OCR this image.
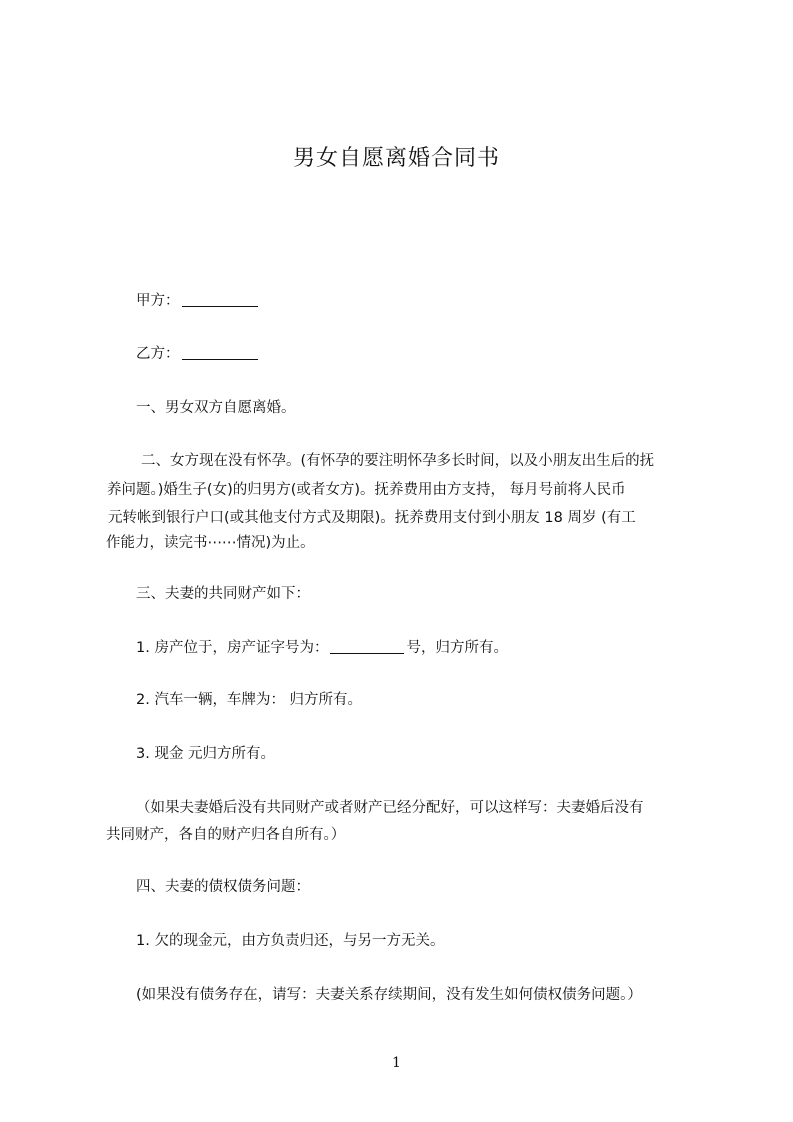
男女自愿离婚合同书
甲方：
乙方：
一、男女双方自愿离婚。
二、女方现在没有怀孕。(有怀孕的要注明怀孕多长时间，以及小朋友出生后的抚
养问题。)婚生子(女)的归男方(或者女方)。抚养费用由方支持， 每月号前将人民币
元转帐到银行户口(或其他支付方式及期限)。抚养费用支付到小朋友 18 周岁 (有工
作能力，读完书⋯⋯情况)为止。
三、夫妻的共同财产如下：
1. 房产位于，房产证字号为：	号，归方所有。
2. 汽车一辆，车牌为： 归方所有。
3. 现金 元归方所有。
（如果夫妻婚后没有共同财产或者财产已经分配好，可以这样写：夫妻婚后没有
共同财产，各自的财产归各自所有。）
四、夫妻的债权债务问题：
1. 欠的现金元，由方负责归还，与另一方无关。
(如果没有债务存在，请写：夫妻关系存续期间，没有发生如何债权债务问题。）
1
